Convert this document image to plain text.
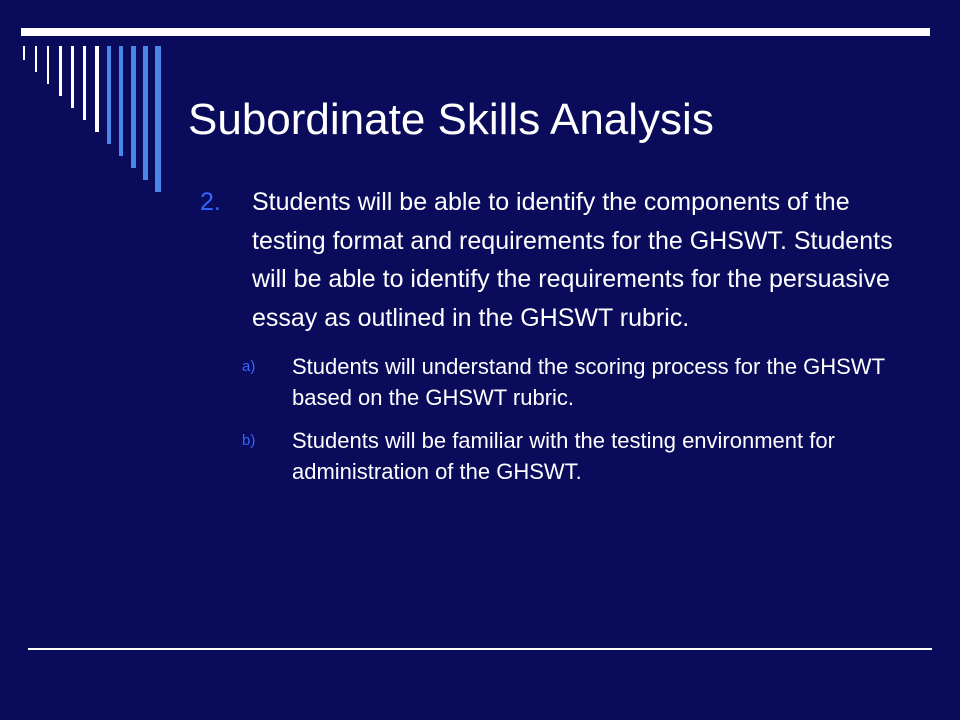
Subordinate Skills Analysis
2. Students will be able to identify the components of the testing format and requirements for the GHSWT. Students will be able to identify the requirements for the persuasive essay as outlined in the GHSWT rubric.
a) Students will understand the scoring process for the GHSWT based on the GHSWT rubric.
b) Students will be familiar with the testing environment for administration of the GHSWT.
